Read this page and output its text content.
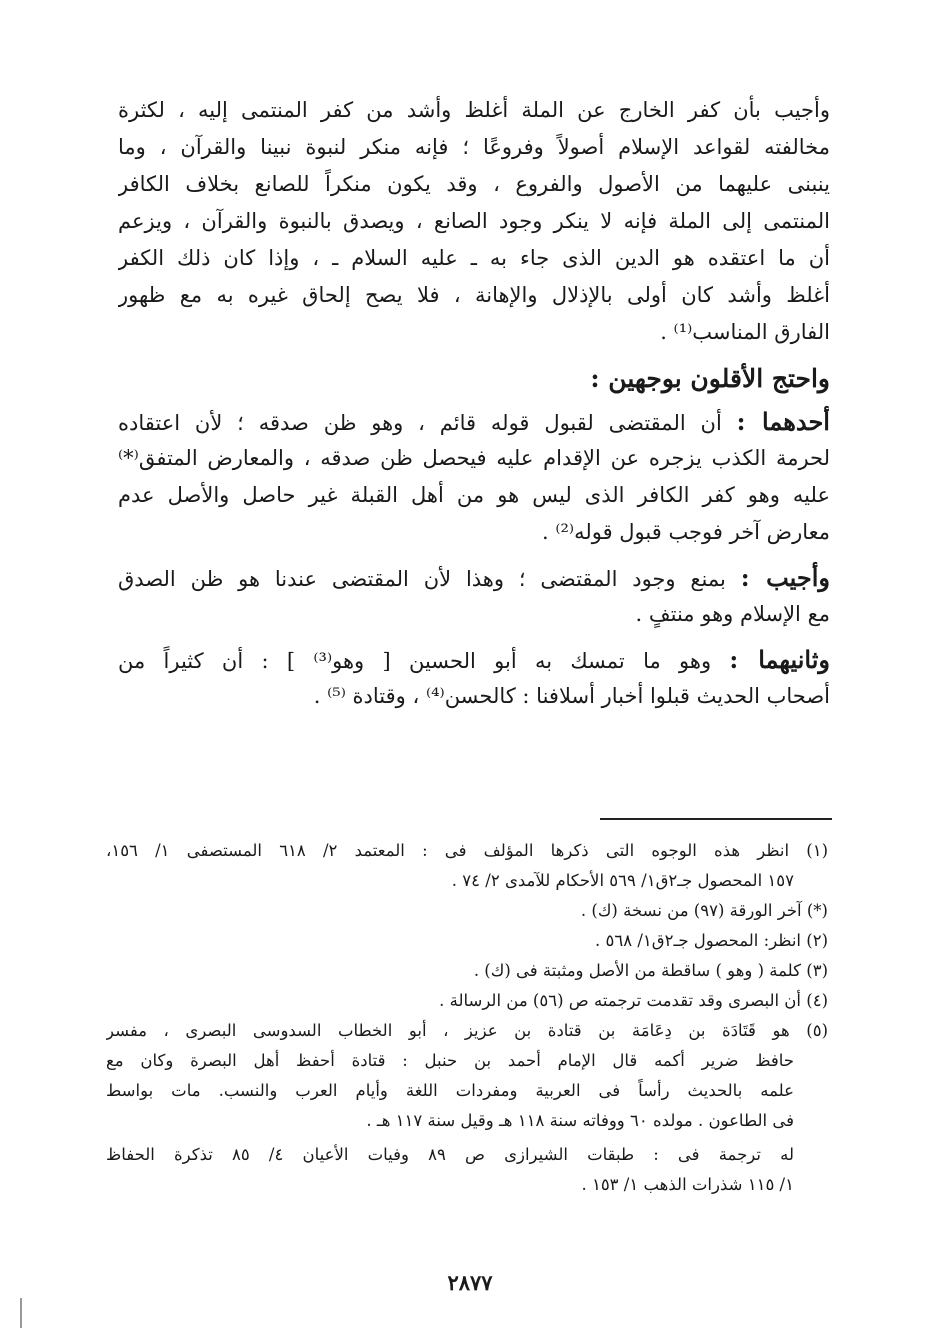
وأجيب بأن كفر الخارج عن الملة أغلظ وأشد من كفر المنتمى إليه ، لكثرة
مخالفته لقواعد الإسلام أصولاً وفروعًا ؛ فإنه منكر لنبوة نبينا والقرآن ، وما
ينبنى عليهما من الأصول والفروع ، وقد يكون منكراً للصانع بخلاف الكافر
المنتمى إلى الملة فإنه لا ينكر وجود الصانع ، ويصدق بالنبوة والقرآن ، ويزعم
أن ما اعتقده هو الدين الذى جاء به ـ عليه السلام ـ ، وإذا كان ذلك الكفر
أغلظ وأشد كان أولى بالإذلال والإهانة ، فلا يصح إلحاق غيره به مع ظهور
الفارق المناسب⁽¹⁾ .
واحتج الأقلون بوجهين :
أحدهما : أن المقتضى لقبول قوله قائم ، وهو ظن صدقه ؛ لأن اعتقاده
لحرمة الكذب يزجره عن الإقدام عليه فيحصل ظن صدقه ، والمعارض المتفق⁽*⁾
عليه وهو كفر الكافر الذى ليس هو من أهل القبلة غير حاصل والأصل عدم
معارض آخر فوجب قبول قوله⁽²⁾ .
وأجيب : بمنع وجود المقتضى ؛ وهذا لأن المقتضى عندنا هو ظن الصدق
مع الإسلام وهو منتفٍ .
وثانيهما : وهو ما تمسك به أبو الحسين [ وهو⁽³⁾ ] : أن كثيراً من
أصحاب الحديث قبلوا أخبار أسلافنا : كالحسن⁽⁴⁾ ، وقتادة ⁽⁵⁾ .
(١) انظر هذه الوجوه التى ذكرها المؤلف فى : المعتمد ٢/ ٦١٨ المستصفى ١/ ١٥٦،
١٥٧ المحصول جـ٢ق١/ ٥٦٩ الأحكام للآمدى ٢/ ٧٤ .
(*) آخر الورقة (٩٧) من نسخة (ك) .
(٢) انظر: المحصول جـ٢ق١/ ٥٦٨ .
(٣) كلمة ( وهو ) ساقطة من الأصل ومثبتة فى (ك) .
(٤) أن البصرى وقد تقدمت ترجمته ص (٥٦) من الرسالة .
(٥) هو قَتَادَة بن دِعَامَة بن قتادة بن عزيز ، أبو الخطاب السدوسى البصرى ، مفسر
حافظ ضرير أكمه قال الإمام أحمد بن حنبل : قتادة أحفظ أهل البصرة وكان مع
علمه بالحديث رأساً فى العربية ومفردات اللغة وأيام العرب والنسب. مات بواسط
فى الطاعون . مولده ٦٠ ووفاته سنة ١١٨ هـ وقيل سنة ١١٧ هـ .
له ترجمة فى : طبقات الشيرازى ص ٨٩ وفيات الأعيان ٤/ ٨٥ تذكرة الحفاظ
١/ ١١٥ شذرات الذهب ١/ ١٥٣ .
٢٨٧٧
